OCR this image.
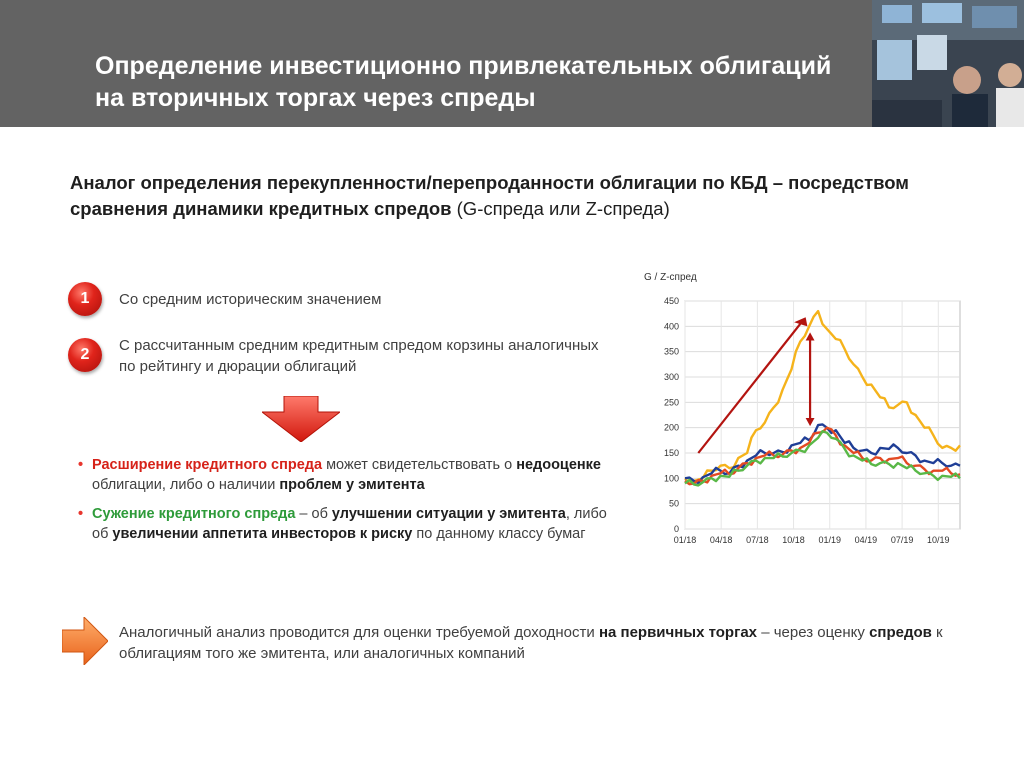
Определение инвестиционно привлекательных облигаций на вторичных торгах через спреды
Аналог определения перекупленности/перепроданности облигации по КБД – посредством сравнения динамики кредитных спредов (G-спреда или Z-спреда)
1	Со средним историческим значением
2
С рассчитанным средним кредитным спредом корзины аналогичных по рейтингу и дюрации облигаций
• Расширение кредитного спреда может свидетельствовать о недооценке облигации, либо о наличии проблем у эмитента
• Сужение кредитного спреда – об улучшении ситуации у эмитента, либо об увеличении аппетита инвесторов к риску по данному классу бумаг
G / Z-спред
0
50
100
150
200
250
300
350
400
450
01/18 04/18 07/18 10/18 01/19 04/19 07/19 10/19
Аналогичный анализ проводится для оценки требуемой доходности на первичных торгах – через оценку спредов к облигациям того же эмитента, или аналогичных компаний
